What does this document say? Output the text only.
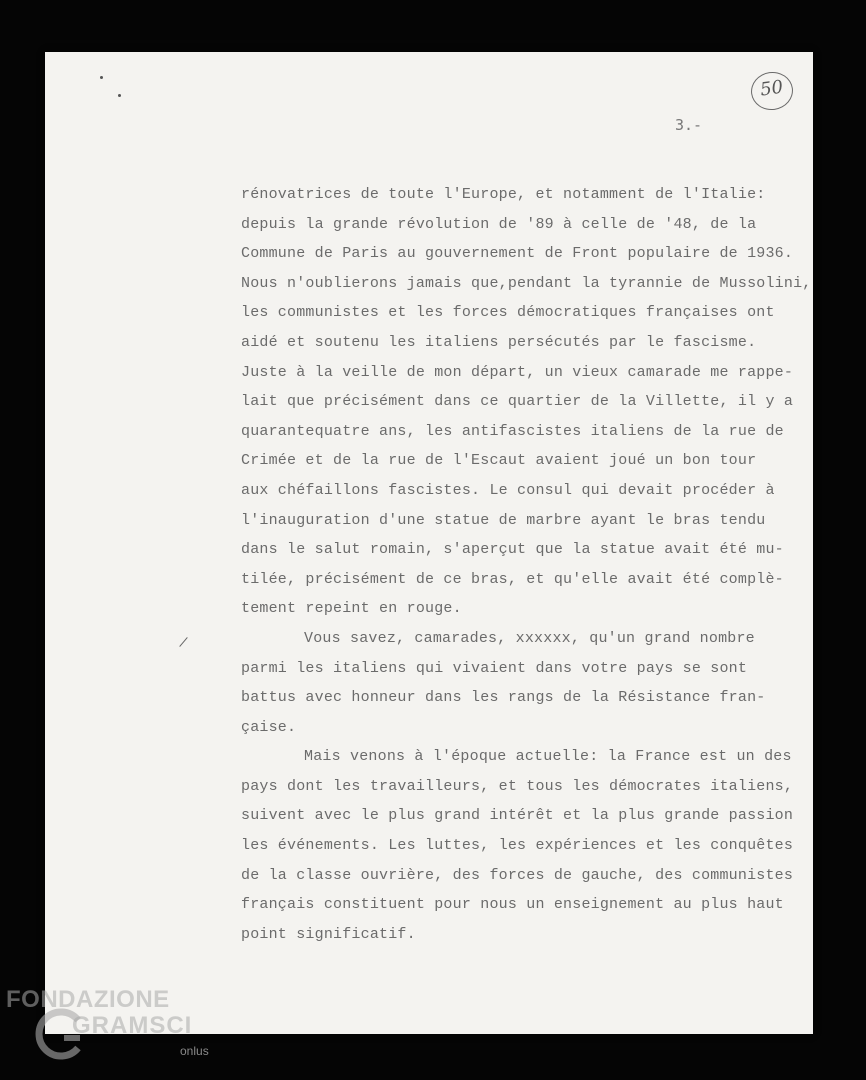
50
3.-
rénovatrices de toute l'Europe, et notamment de l'Italie:
depuis la grande révolution de '89 à celle de '48, de la
Commune de Paris au gouvernement de Front populaire de 1936.
Nous n'oublierons jamais que,pendant la tyrannie de Mussolini,
les communistes et les forces démocratiques françaises ont
aidé et soutenu les italiens persécutés par le fascisme.
Juste à la veille de mon départ, un vieux camarade me rappe-
lait que précisément dans ce quartier de la Villette, il y a
quarantequatre ans, les antifascistes italiens de la rue de
Crimée et de la rue de l'Escaut avaient joué un bon tour
aux chéfaillons fascistes. Le consul qui devait procéder à
l'inauguration d'une statue de marbre ayant le bras tendu
dans le salut romain, s'aperçut que la statue avait été mu-
tilée, précisément de ce bras, et qu'elle avait été complè-
tement repeint en rouge.
Vous savez, camarades, xxxxxx, qu'un grand nombre
parmi les italiens qui vivaient dans votre pays se sont
battus avec honneur dans les rangs de la Résistance fran-
çaise.
Mais venons à l'époque actuelle: la France est un des
pays dont les travailleurs, et tous les démocrates italiens,
suivent avec le plus grand intérêt et la plus grande passion
les événements. Les luttes, les expériences et les conquêtes
de la classe ouvrière, des forces de gauche, des communistes
français constituent pour nous un enseignement au plus haut
point significatif.
FONDAZIONE
GRAMSCI
onlus
